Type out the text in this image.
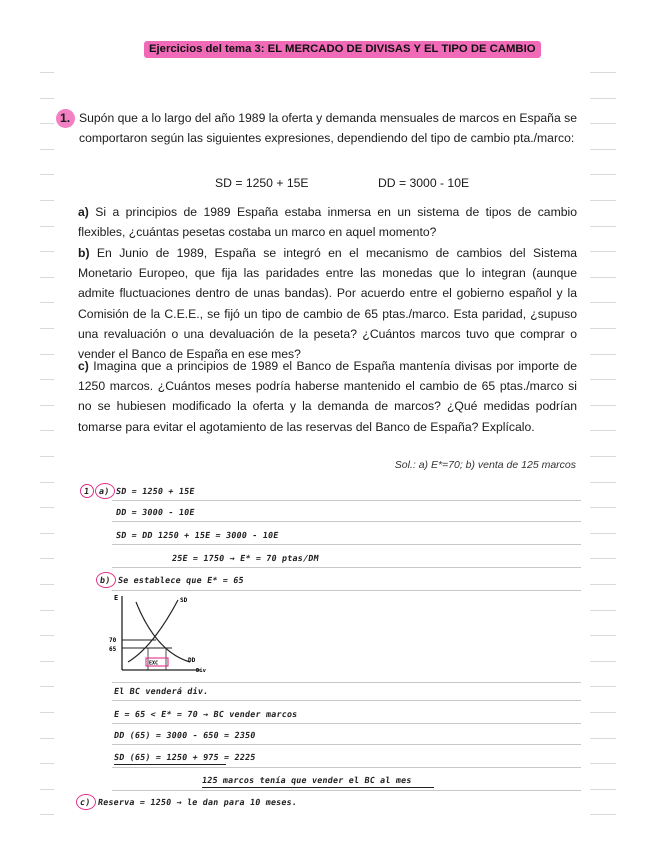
Ejercicios del tema 3: EL MERCADO DE DIVISAS Y EL TIPO DE CAMBIO
1. Supón que a lo largo del año 1989 la oferta y demanda mensuales de marcos en España se comportaron según las siguientes expresiones, dependiendo del tipo de cambio pta./marco:
SD = 1250 + 15E	DD = 3000 - 10E
a) Si a principios de 1989 España estaba inmersa en un sistema de tipos de cambio flexibles, ¿cuántas pesetas costaba un marco en aquel momento?
b) En Junio de 1989, España se integró en el mecanismo de cambios del Sistema Monetario Europeo, que fija las paridades entre las monedas que lo integran (aunque admite fluctuaciones dentro de unas bandas). Por acuerdo entre el gobierno español y la Comisión de la C.E.E., se fijó un tipo de cambio de 65 ptas./marco. Esta paridad, ¿supuso una revaluación o una devaluación de la peseta? ¿Cuántos marcos tuvo que comprar o vender el Banco de España en ese mes?
c) Imagina que a principios de 1989 el Banco de España mantenía divisas por importe de 1250 marcos. ¿Cuántos meses podría haberse mantenido el cambio de 65 ptas./marco si no se hubiesen modificado la oferta y la demanda de marcos? ¿Qué medidas podrían tomarse para evitar el agotamiento de las reservas del Banco de España? Explícalo.
Sol.: a) E*=70; b) venta de 125 marcos
1 a) SD = 1250 + 15E
DD = 3000 - 10E
SD = DD 1250 + 15E = 3000 - 10E
25E = 1750 → E* = 70 ptas/DM
b) Se establece que E* = 65
E	SD
70
65
DD
Div
EXC
El BC venderá div.
E = 65 < E* = 70 → BC vender marcos
DD (65) = 3000 - 650 = 2350
SD (65) = 1250 + 975 = 2225
125 marcos tenía que vender el BC al mes
c) Reserva = 1250 → le dan para 10 meses.
